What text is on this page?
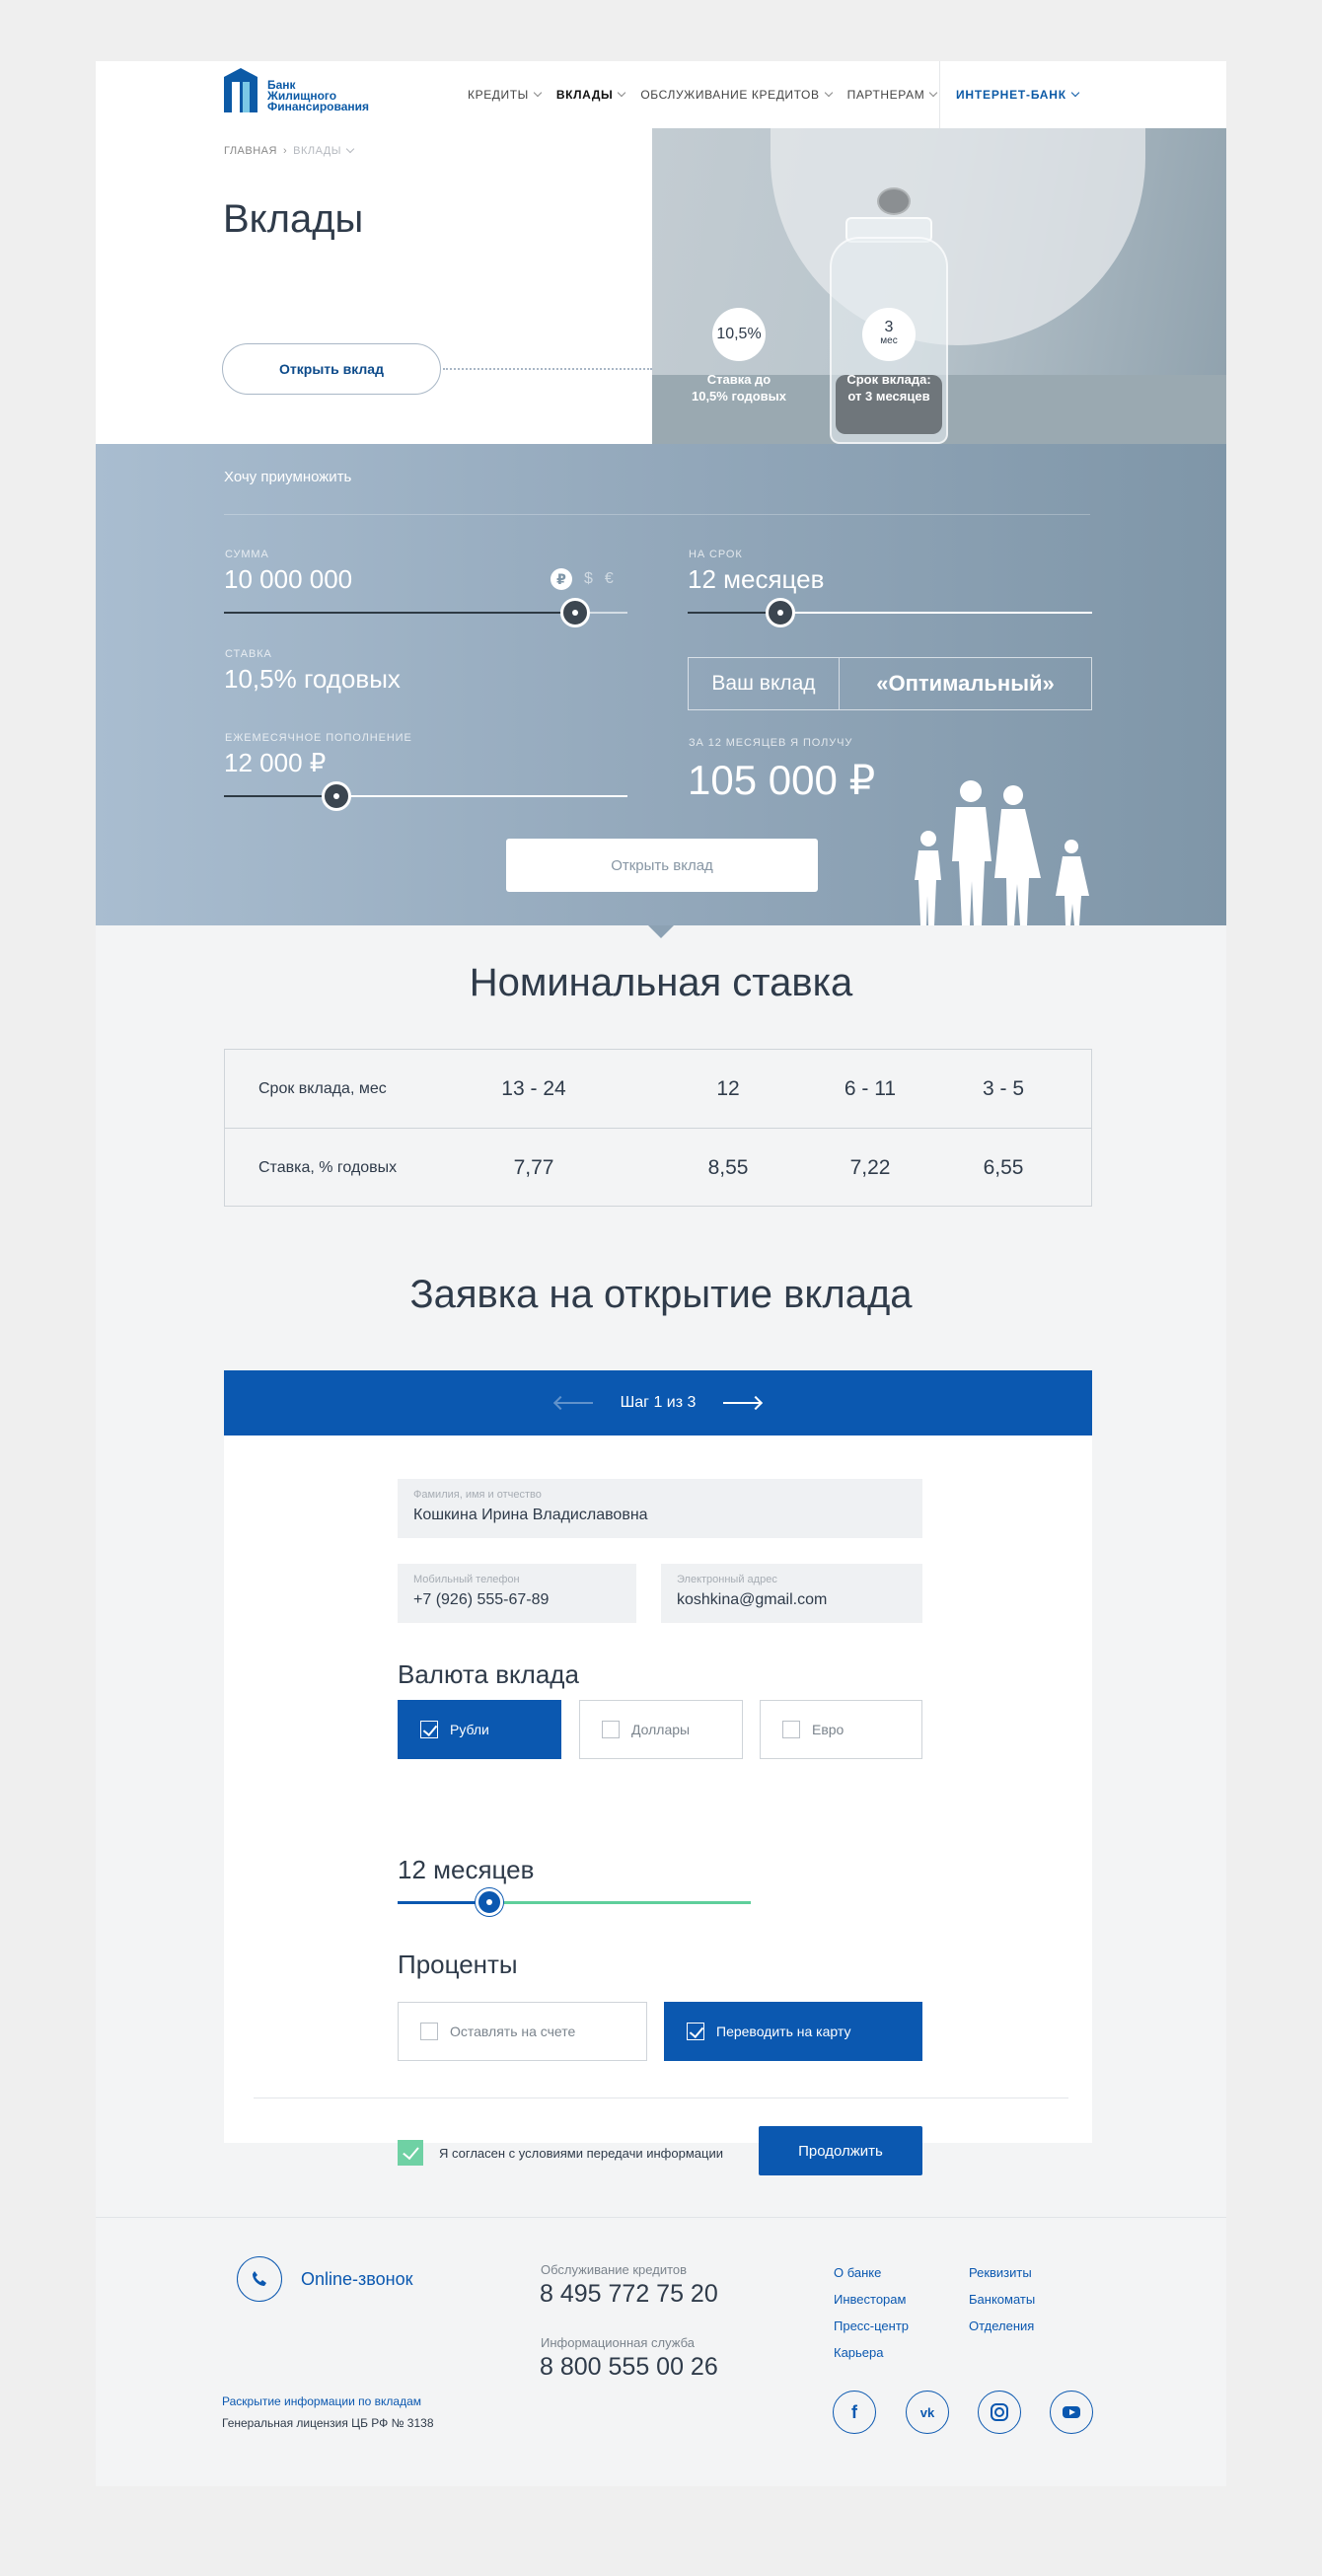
Банк
Жилищного
Финансирования
КРЕДИТЫ ВКЛАДЫ ОБСЛУЖИВАНИЕ КРЕДИТОВ ПАРТНЕРАМ	ИНТЕРНЕТ-БАНК
ГЛАВНАЯ › ВКЛАДЫ
Вклады
Открыть вклад
10,5%
Ставка до
10,5% годовых
3
мес
Срок вклада:
от 3 месяцев
Хочу приумножить
СУММА
10 000 000	₽	$ €
СТАВКА
10,5% годовых
ЕЖЕМЕСЯЧНОЕ ПОПОЛНЕНИЕ
12 000 ₽
НА СРОК
12 месяцев
Ваш вклад	«Оптимальный»
ЗА 12 МЕСЯЦЕВ Я ПОЛУЧУ
105 000 ₽
Открыть вклад
Номинальная ставка
Срок вклада, мес	13 - 24	12	6 - 11	3 - 5
Ставка, % годовых	7,77	8,55	7,22	6,55
Заявка на открытие вклада
Шаг 1 из 3
Фамилия, имя и отчество
Кошкина Ирина Владиславовна
Мобильный телефон
+7 (926) 555-67-89
Электронный адрес
koshkina@gmail.com
Валюта вклада
Рубли	Доллары	Евро
12 месяцев
Проценты
Оставлять на счете	Переводить на карту
Я согласен с условиями передачи информации	Продолжить
Online-звонок	Обслуживание кредитов
8 495 772 75 20
Информационная служба
8 800 555 00 26
О банке
Инвесторам
Пресс-центр
Карьера
Реквизиты
Банкоматы
Отделения
Раскрытие информации по вкладам
Генеральная лицензия ЦБ РФ № 3138
f	vk
